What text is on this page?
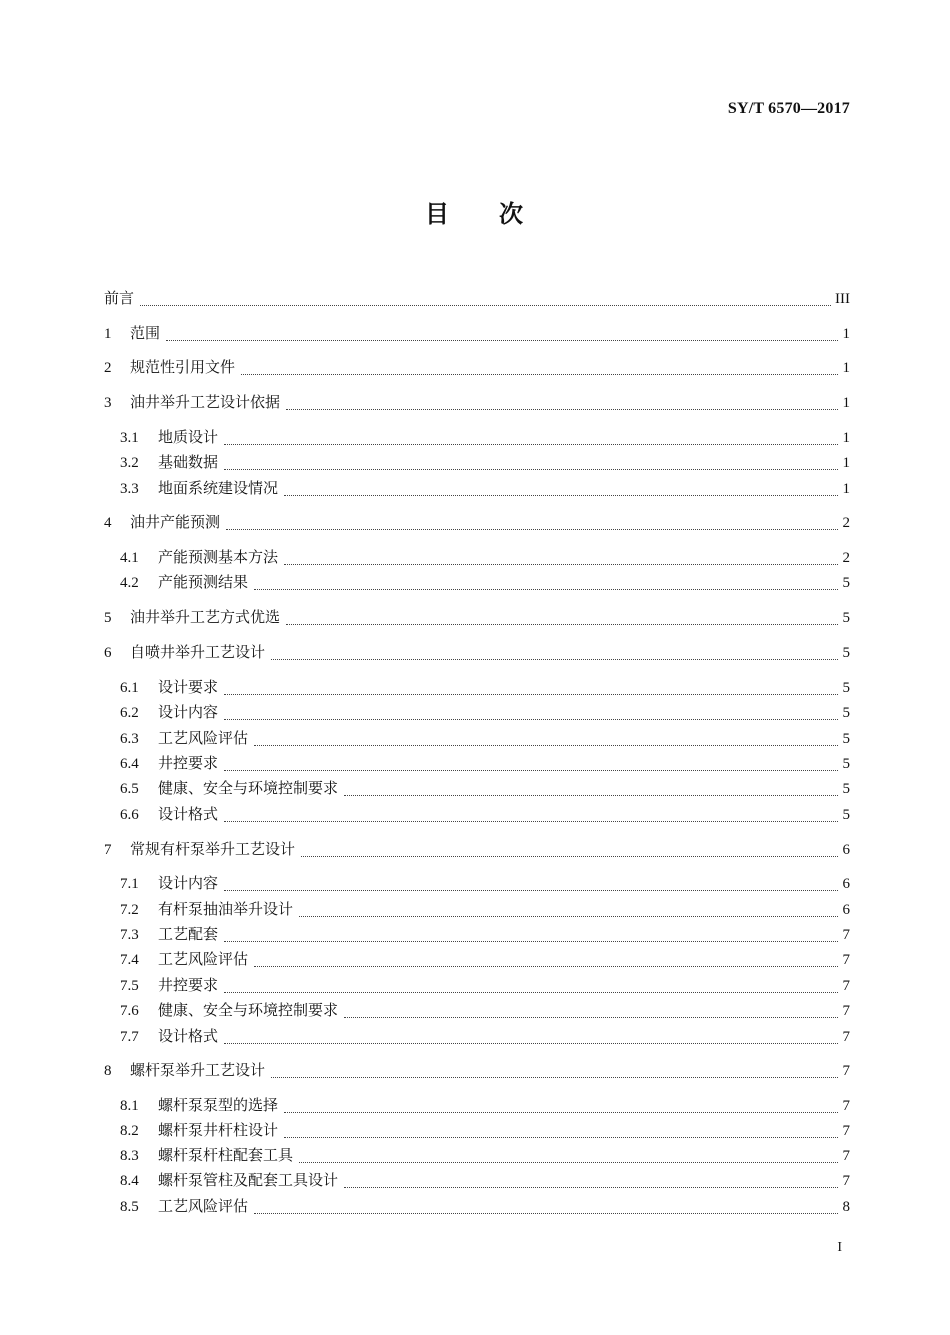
SY/T 6570—2017
目 次
前言	III
1	范围	1
2	规范性引用文件	1
3	油井举升工艺设计依据	1
3.1	地质设计	1
3.2	基础数据	1
3.3	地面系统建设情况	1
4	油井产能预测	2
4.1	产能预测基本方法	2
4.2	产能预测结果	5
5	油井举升工艺方式优选	5
6	自喷井举升工艺设计	5
6.1	设计要求	5
6.2	设计内容	5
6.3	工艺风险评估	5
6.4	井控要求	5
6.5	健康、安全与环境控制要求	5
6.6	设计格式	5
7	常规有杆泵举升工艺设计	6
7.1	设计内容	6
7.2	有杆泵抽油举升设计	6
7.3	工艺配套	7
7.4	工艺风险评估	7
7.5	井控要求	7
7.6	健康、安全与环境控制要求	7
7.7	设计格式	7
8	螺杆泵举升工艺设计	7
8.1	螺杆泵泵型的选择	7
8.2	螺杆泵井杆柱设计	7
8.3	螺杆泵杆柱配套工具	7
8.4	螺杆泵管柱及配套工具设计	7
8.5	工艺风险评估	8
I
